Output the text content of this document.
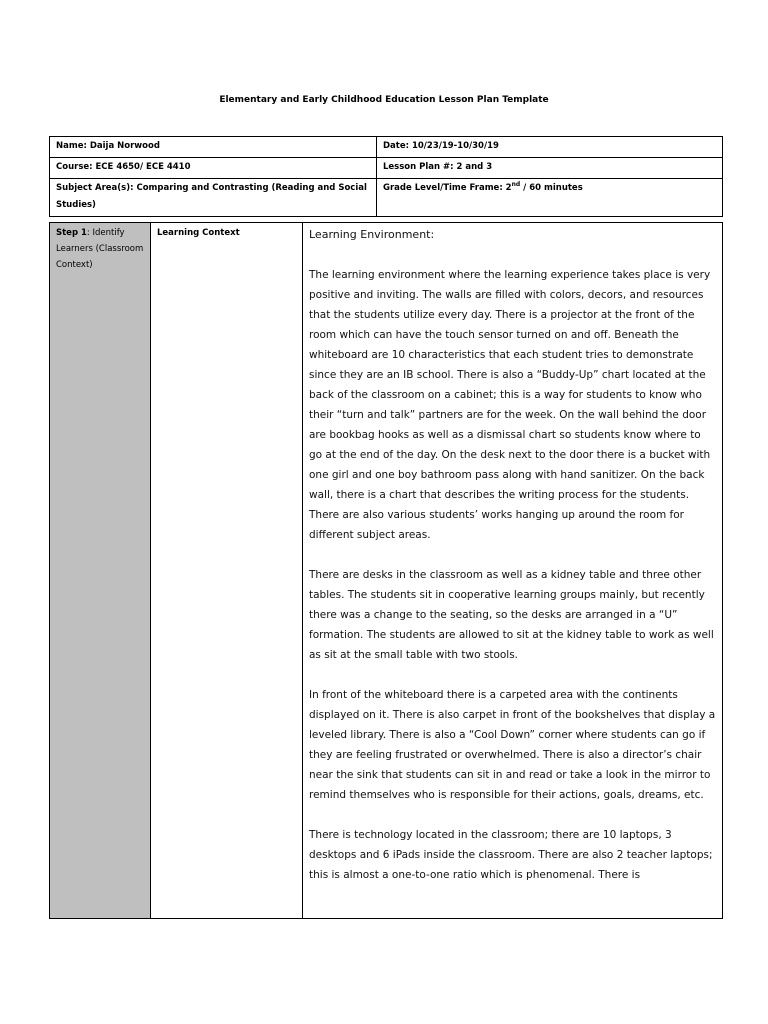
Elementary and Early Childhood Education Lesson Plan Template
Name: Daija Norwood	Date: 10/23/19-10/30/19
Course: ECE 4650/ ECE 4410	Lesson Plan #: 2 and 3
Subject Area(s): Comparing and Contrasting (Reading and Social Studies)	Grade Level/Time Frame: 2nd / 60 minutes
Step 1: Identify Learners (Classroom Context)	Learning Context	Learning Environment:

The learning environment where the learning experience takes place is very positive and inviting. The walls are filled with colors, decors, and resources that the students utilize every day. There is a projector at the front of the room which can have the touch sensor turned on and off. Beneath the whiteboard are 10 characteristics that each student tries to demonstrate since they are an IB school. There is also a “Buddy-Up” chart located at the back of the classroom on a cabinet; this is a way for students to know who their “turn and talk” partners are for the week. On the wall behind the door are bookbag hooks as well as a dismissal chart so students know where to go at the end of the day. On the desk next to the door there is a bucket with one girl and one boy bathroom pass along with hand sanitizer. On the back wall, there is a chart that describes the writing process for the students. There are also various students’ works hanging up around the room for different subject areas.

There are desks in the classroom as well as a kidney table and three other tables. The students sit in cooperative learning groups mainly, but recently there was a change to the seating, so the desks are arranged in a “U” formation. The students are allowed to sit at the kidney table to work as well as sit at the small table with two stools.

In front of the whiteboard there is a carpeted area with the continents displayed on it. There is also carpet in front of the bookshelves that display a leveled library. There is also a “Cool Down” corner where students can go if they are feeling frustrated or overwhelmed. There is also a director’s chair near the sink that students can sit in and read or take a look in the mirror to remind themselves who is responsible for their actions, goals, dreams, etc.

There is technology located in the classroom; there are 10 laptops, 3 desktops and 6 iPads inside the classroom. There are also 2 teacher laptops; this is almost a one-to-one ratio which is phenomenal. There is
